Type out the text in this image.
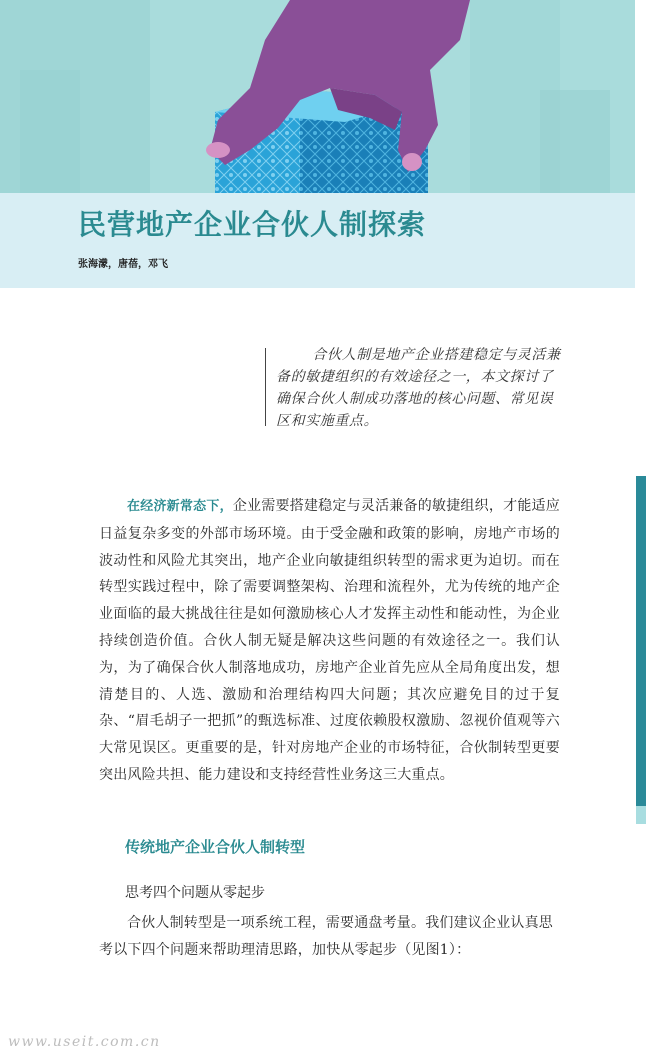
民营地产企业合伙人制探索
张海濛，唐蓓，邓飞
合伙人制是地产企业搭建稳定与灵活兼备的敏捷组织的有效途径之一，本文探讨了确保合伙人制成功落地的核心问题、常见误区和实施重点。

在经济新常态下，企业需要搭建稳定与灵活兼备的敏捷组织，才能适应日益复杂多变的外部市场环境。由于受金融和政策的影响，房地产市场的波动性和风险尤其突出，地产企业向敏捷组织转型的需求更为迫切。而在转型实践过程中，除了需要调整架构、治理和流程外，尤为传统的地产企业面临的最大挑战往往是如何激励核心人才发挥主动性和能动性，为企业持续创造价值。合伙人制无疑是解决这些问题的有效途径之一。我们认为，为了确保合伙人制落地成功，房地产企业首先应从全局角度出发，想清楚目的、人选、激励和治理结构四大问题；其次应避免目的过于复杂、“眉毛胡子一把抓”的甄选标准、过度依赖股权激励、忽视价值观等六大常见误区。更重要的是，针对房地产企业的市场特征，合伙制转型更要突出风险共担、能力建设和支持经营性业务这三大重点。

传统地产企业合伙人制转型
思考四个问题从零起步

合伙人制转型是一项系统工程，需要通盘考量。我们建议企业认真思考以下四个问题来帮助理清思路，加快从零起步（见图1）：

www.useit.com.cn
